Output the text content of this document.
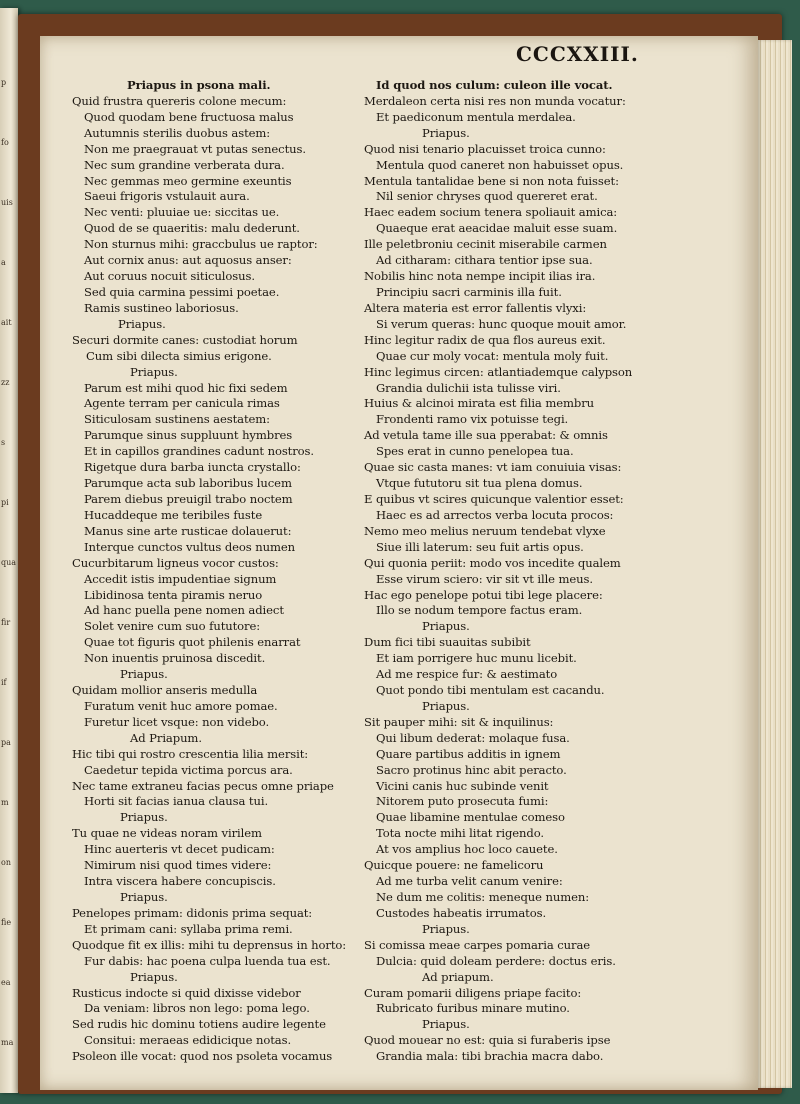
p
fo
uis
a
ait
zz
s
pi
qua
fir
if
pa
m
on
fie
ea
ma
CCCXXIII.
Priapus in psona mali.
Quid frustra quereris colone mecum:
Quod quodam bene fructuosa malus
Autumnis sterilis duobus astem:
Non me praegrauat vt putas senectus.
Nec sum grandine verberata dura.
Nec gemmas meo germine exeuntis
Saeui frigoris vstulauit aura.
Nec venti: pluuiae ue: siccitas ue.
Quod de se quaeritis: malu dederunt.
Non sturnus mihi: graccbulus ue raptor:
Aut cornix anus: aut aquosus anser:
Aut coruus nocuit siticulosus.
Sed quia carmina pessimi poetae.
Ramis sustineo laboriosus.
Priapus.
Securi dormite canes: custodiat horum
Cum sibi dilecta simius erigone.
Priapus.
Parum est mihi quod hic fixi sedem
Agente terram per canicula rimas
Siticulosam sustinens aestatem:
Parumque sinus suppluunt hymbres
Et in capillos grandines cadunt nostros.
Rigetque dura barba iuncta crystallo:
Parumque acta sub laboribus lucem
Parem diebus preuigil trabo noctem
Hucaddeque me teribiles fuste
Manus sine arte rusticae dolauerut:
Interque cunctos vultus deos numen
Cucurbitarum ligneus vocor custos:
Accedit istis impudentiae signum
Libidinosa tenta piramis neruo
Ad hanc puella pene nomen adiect
Solet venire cum suo fututore:
Quae tot figuris quot philenis enarrat
Non inuentis pruinosa discedit.
Priapus.
Quidam mollior anseris medulla
Furatum venit huc amore pomae.
Furetur licet vsque: non videbo.
Ad Priapum.
Hic tibi qui rostro crescentia lilia mersit:
Caedetur tepida victima porcus ara.
Nec tame extraneu facias pecus omne priape
Horti sit facias ianua clausa tui.
Priapus.
Tu quae ne videas noram virilem
Hinc auerteris vt decet pudicam:
Nimirum nisi quod times videre:
Intra viscera habere concupiscis.
Priapus.
Penelopes primam: didonis prima sequat:
Et primam cani: syllaba prima remi.
Quodque fit ex illis: mihi tu deprensus in horto:
Fur dabis: hac poena culpa luenda tua est.
Priapus.
Rusticus indocte si quid dixisse videbor
Da veniam: libros non lego: poma lego.
Sed rudis hic dominu totiens audire legente
Consitui: meraeas edidicique notas.
Psoleon ille vocat: quod nos psoleta vocamus
Id quod nos culum: culeon ille vocat.
Merdaleon certa nisi res non munda vocatur:
Et paediconum mentula merdalea.
Priapus.
Quod nisi tenario placuisset troica cunno:
Mentula quod caneret non habuisset opus.
Mentula tantalidae bene si non nota fuisset:
Nil senior chryses quod quereret erat.
Haec eadem socium tenera spoliauit amica:
Quaeque erat aeacidae maluit esse suam.
Ille peletbroniu cecinit miserabile carmen
Ad citharam: cithara tentior ipse sua.
Nobilis hinc nota nempe incipit ilias ira.
Principiu sacri carminis illa fuit.
Altera materia est error fallentis vlyxi:
Si verum queras: hunc quoque mouit amor.
Hinc legitur radix de qua flos aureus exit.
Quae cur moly vocat: mentula moly fuit.
Hinc legimus circen: atlantiademque calypson
Grandia dulichii ista tulisse viri.
Huius & alcinoi mirata est filia membru
Frondenti ramo vix potuisse tegi.
Ad vetula tame ille sua pperabat: & omnis
Spes erat in cunno penelopea tua.
Quae sic casta manes: vt iam conuiuia visas:
Vtque fututoru sit tua plena domus.
E quibus vt scires quicunque valentior esset:
Haec es ad arrectos verba locuta procos:
Nemo meo melius neruum tendebat vlyxe
Siue illi laterum: seu fuit artis opus.
Qui quonia periit: modo vos incedite qualem
Esse virum sciero: vir sit vt ille meus.
Hac ego penelope potui tibi lege placere:
Illo se nodum tempore factus eram.
Priapus.
Dum fici tibi suauitas subibit
Et iam porrigere huc munu licebit.
Ad me respice fur: & aestimato
Quot pondo tibi mentulam est cacandu.
Priapus.
Sit pauper mihi: sit & inquilinus:
Qui libum dederat: molaque fusa.
Quare partibus additis in ignem
Sacro protinus hinc abit peracto.
Vicini canis huc subinde venit
Nitorem puto prosecuta fumi:
Quae libamine mentulae comeso
Tota nocte mihi litat rigendo.
At vos amplius hoc loco cauete.
Quicque pouere: ne famelicoru
Ad me turba velit canum venire:
Ne dum me colitis: meneque numen:
Custodes habeatis irrumatos.
Priapus.
Si comissa meae carpes pomaria curae
Dulcia: quid doleam perdere: doctus eris.
Ad priapum.
Curam pomarii diligens priape facito:
Rubricato furibus minare mutino.
Priapus.
Quod mouear no est: quia si furaberis ipse
Grandia mala: tibi brachia macra dabo.
